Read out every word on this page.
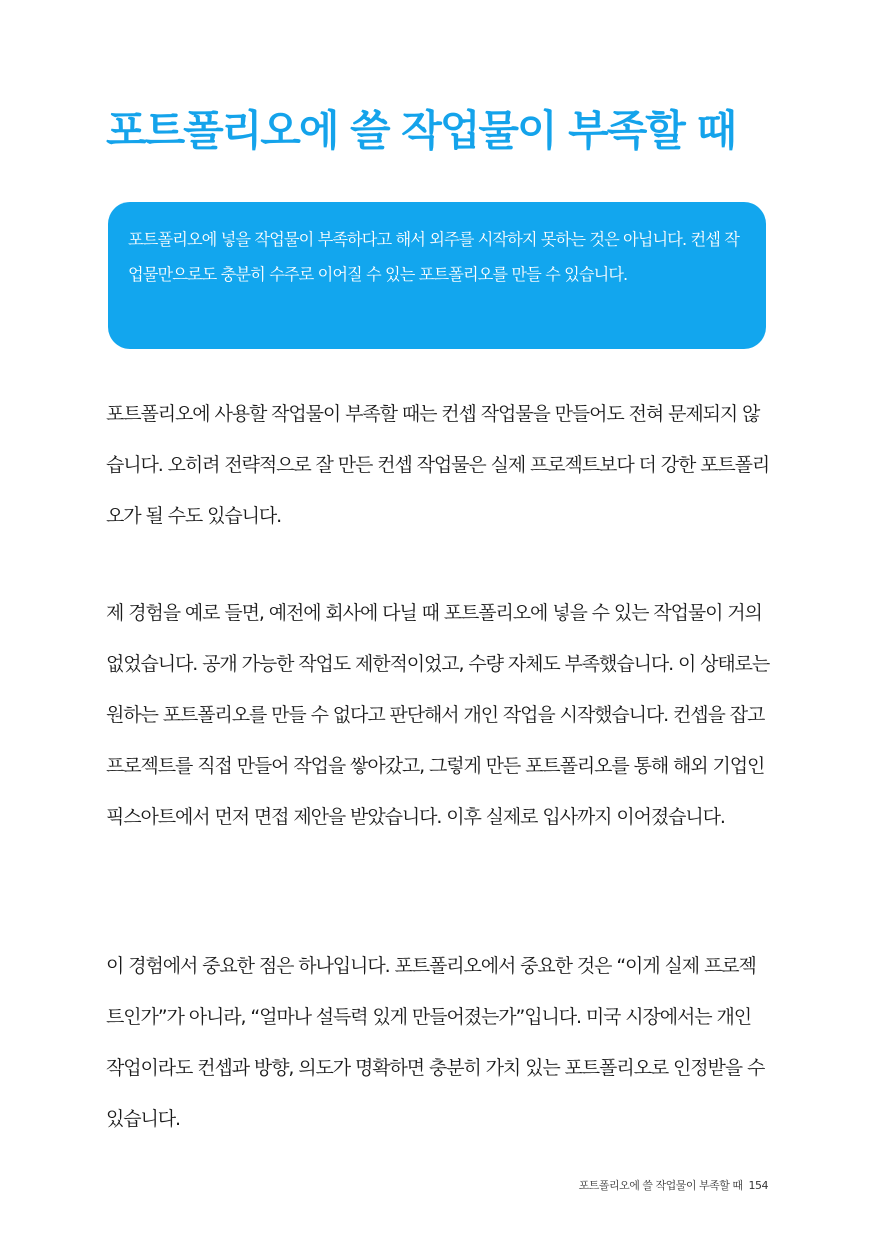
포트폴리오에 쓸 작업물이 부족할 때

포트폴리오에 넣을 작업물이 부족하다고 해서 외주를 시작하지 못하는 것은 아닙니다. 컨셉 작업물만으로도 충분히 수주로 이어질 수 있는 포트폴리오를 만들 수 있습니다.

포트폴리오에 사용할 작업물이 부족할 때는 컨셉 작업물을 만들어도 전혀 문제되지 않습니다. 오히려 전략적으로 잘 만든 컨셉 작업물은 실제 프로젝트보다 더 강한 포트폴리오가 될 수도 있습니다.

제 경험을 예로 들면, 예전에 회사에 다닐 때 포트폴리오에 넣을 수 있는 작업물이 거의 없었습니다. 공개 가능한 작업도 제한적이었고, 수량 자체도 부족했습니다. 이 상태로는 원하는 포트폴리오를 만들 수 없다고 판단해서 개인 작업을 시작했습니다. 컨셉을 잡고 프로젝트를 직접 만들어 작업을 쌓아갔고, 그렇게 만든 포트폴리오를 통해 해외 기업인 픽스아트에서 먼저 면접 제안을 받았습니다. 이후 실제로 입사까지 이어졌습니다.

이 경험에서 중요한 점은 하나입니다. 포트폴리오에서 중요한 것은 “이게 실제 프로젝트인가”가 아니라, “얼마나 설득력 있게 만들어졌는가”입니다. 미국 시장에서는 개인 작업이라도 컨셉과 방향, 의도가 명확하면 충분히 가치 있는 포트폴리오로 인정받을 수 있습니다.

포트폴리오에 쓸 작업물이 부족할 때 154
